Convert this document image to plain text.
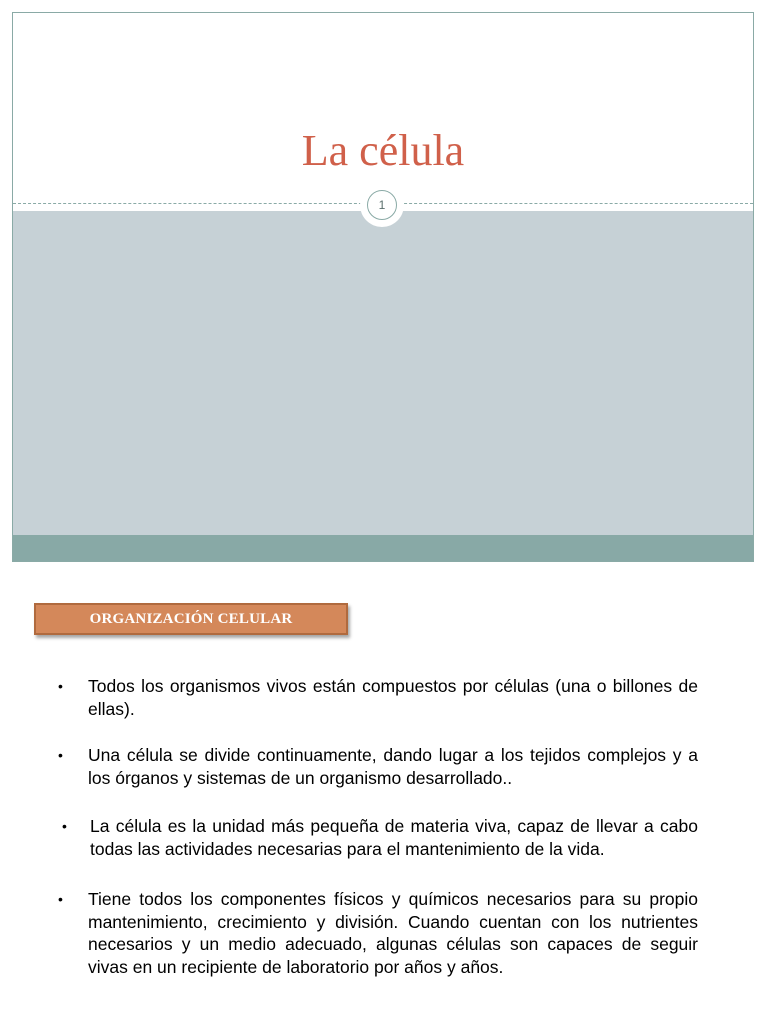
La célula
1
ORGANIZACIÓN CELULAR
• Todos los organismos vivos están compuestos por células (una o billones de ellas).
• Una célula se divide continuamente, dando lugar a los tejidos complejos y a los órganos y sistemas de un organismo desarrollado..
• La célula es la unidad más pequeña de materia viva, capaz de llevar a cabo todas las actividades necesarias para el mantenimiento de la vida.
• Tiene todos los componentes físicos y químicos necesarios para su propio mantenimiento, crecimiento y división. Cuando cuentan con los nutrientes necesarios y un medio adecuado, algunas células son capaces de seguir vivas en un recipiente de laboratorio por años y años.
